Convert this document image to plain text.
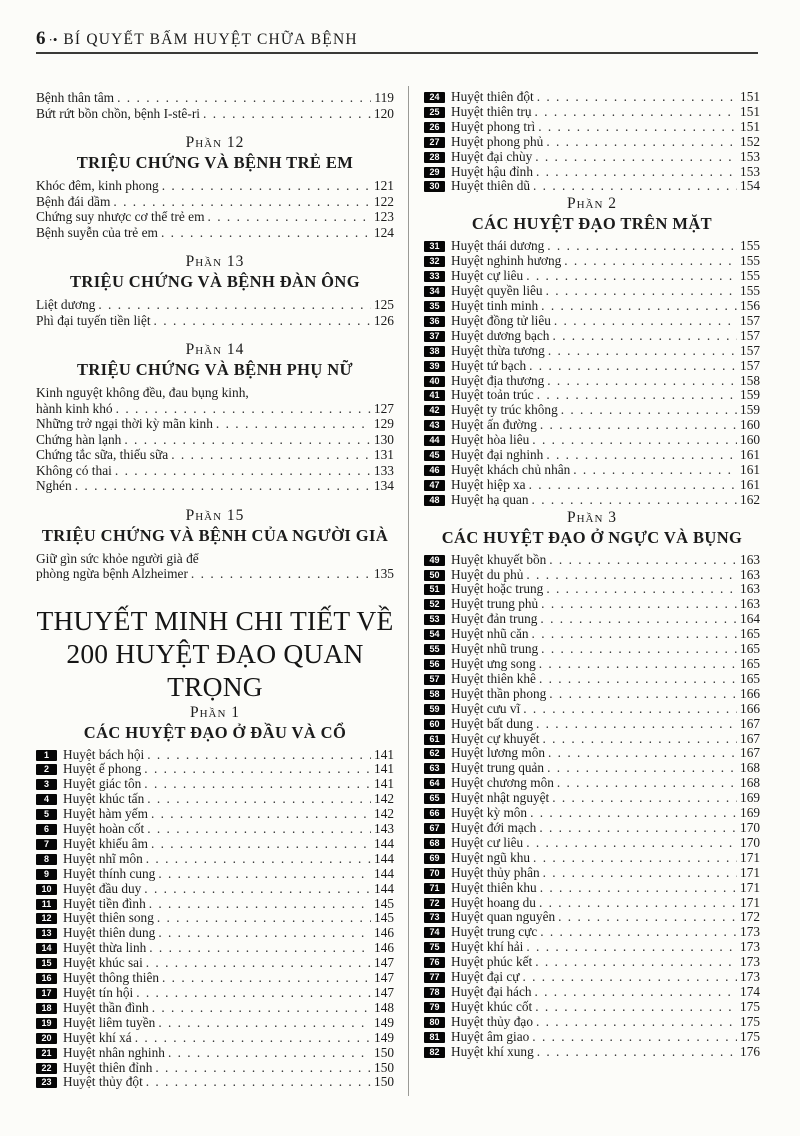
6 ·• BÍ QUYẾT BẤM HUYỆT CHỮA BỆNH
Bệnh thân tâm . . .	119
Bứt rứt bồn chồn, bệnh I-stê-ri . . .	120
Phần 12
TRIỆU CHỨNG VÀ BỆNH TRẺ EM
Khóc đêm, kinh phong . . .	121
Bệnh đái dầm . . .	122
Chứng suy nhược cơ thể trẻ em . . .	123
Bệnh suyễn của trẻ em . . .	124
Phần 13
TRIỆU CHỨNG VÀ BỆNH ĐÀN ÔNG
Liệt dương . . .	125
Phì đại tuyến tiền liệt . . .	126
Phần 14
TRIỆU CHỨNG VÀ BỆNH PHỤ NỮ
Kinh nguyệt không đều, đau bụng kinh,
hành kinh khó . . .	127
Những trở ngại thời kỳ mãn kinh . . .	129
Chứng hàn lạnh . . .	130
Chứng tắc sữa, thiếu sữa . . .	131
Không có thai . . .	133
Nghén . . .	134
Phần 15
TRIỆU CHỨNG VÀ BỆNH CỦA NGƯỜI GIÀ
Giữ gìn sức khỏe người già để
phòng ngừa bệnh Alzheimer . . .	135
THUYẾT MINH CHI TIẾT VỀ
200 HUYỆT ĐẠO QUAN TRỌNG
Phần 1
CÁC HUYỆT ĐẠO Ở ĐẦU VÀ CỔ
1	Huyệt bách hội . . .	141
2	Huyệt ế phong . . .	141
3	Huyệt giác tôn . . .	141
4	Huyệt khúc tấn . . .	142
5	Huyệt hàm yếm . . .	142
6	Huyệt hoàn cốt . . .	143
7	Huyệt khiếu âm . . .	144
8	Huyệt nhĩ môn . . .	144
9	Huyệt thính cung . . .	144
10 Huyệt đầu duy . . .	144
11 Huyệt tiền đình . . .	145
12 Huyệt thiên song . . .	145
13 Huyệt thiên dung . . .	146
14 Huyệt thừa linh . . .	146
15 Huyệt khúc sai . . .	147
16 Huyệt thông thiên . . .	147
17 Huyệt tín hội . . .	147
18 Huyệt thần đình . . .	148
19 Huyệt liêm tuyền . . .	149
20 Huyệt khí xá . . .	149
21 Huyệt nhân nghinh . . .	150
22 Huyệt thiên đỉnh . . .	150
23 Huyệt thủy đột . . .	150
24 Huyệt thiên đột . . .	151
25 Huyệt thiên trụ . . .	151
26 Huyệt phong trì . . .	151
27 Huyệt phong phủ . . .	152
28 Huyệt đại chùy . . .	153
29 Huyệt hậu đỉnh . . .	153
30 Huyệt thiên dũ . . .	154
Phần 2
CÁC HUYỆT ĐẠO TRÊN MẶT
31 Huyệt thái dương . . .	155
32 Huyệt nghinh hương . . .	155
33 Huyệt cự liêu . . .	155
34 Huyệt quyền liêu . . .	155
35 Huyệt tinh minh . . .	156
36 Huyệt đồng tử liêu . . .	157
37 Huyệt dương bạch . . .	157
38 Huyệt thừa tương . . .	157
39 Huyệt tứ bạch . . .	157
40 Huyệt địa thương . . .	158
41 Huyệt toản trúc . . .	159
42 Huyệt ty trúc không . . .	159
43 Huyệt ấn đường . . .	160
44 Huyệt hòa liêu . . .	160
45 Huyệt đại nghinh . . .	161
46 Huyệt khách chủ nhân . . .	161
47 Huyệt hiệp xa . . .	161
48 Huyệt hạ quan . . .	162
Phần 3
CÁC HUYỆT ĐẠO Ở NGỰC VÀ BỤNG
49 Huyệt khuyết bồn . . .	163
50 Huyệt du phủ . . .	163
51 Huyệt hoặc trung . . .	163
52 Huyệt trung phủ . . .	163
53 Huyệt đản trung . . .	164
54 Huyệt nhũ căn . . .	165
55 Huyệt nhũ trung . . .	165
56 Huyệt ưng song . . .	165
57 Huyệt thiên khê . . .	165
58 Huyệt thần phong . . .	166
59 Huyệt cưu vĩ . . .	166
60 Huyệt bất dung . . .	167
61 Huyệt cự khuyết . . .	167
62 Huyệt lương môn . . .	167
63 Huyệt trung quản . . .	168
64 Huyệt chương môn . . .	168
65 Huyệt nhật nguyệt . . .	169
66 Huyệt kỳ môn . . .	169
67 Huyệt đới mạch . . .	170
68 Huyệt cư liêu . . .	170
69 Huyệt ngũ khu . . .	171
70 Huyệt thủy phân . . .	171
71 Huyệt thiên khu . . .	171
72 Huyệt hoang du . . .	171
73 Huyệt quan nguyên . . .	172
74 Huyệt trung cực . . .	173
75 Huyệt khí hải . . .	173
76 Huyệt phúc kết . . .	173
77 Huyệt đại cự . . .	173
78 Huyệt đại hách . . .	174
79 Huyệt khúc cốt . . .	175
80 Huyệt thủy đạo . . .	175
81 Huyệt âm giao . . .	175
82 Huyệt khí xung . . .	176
